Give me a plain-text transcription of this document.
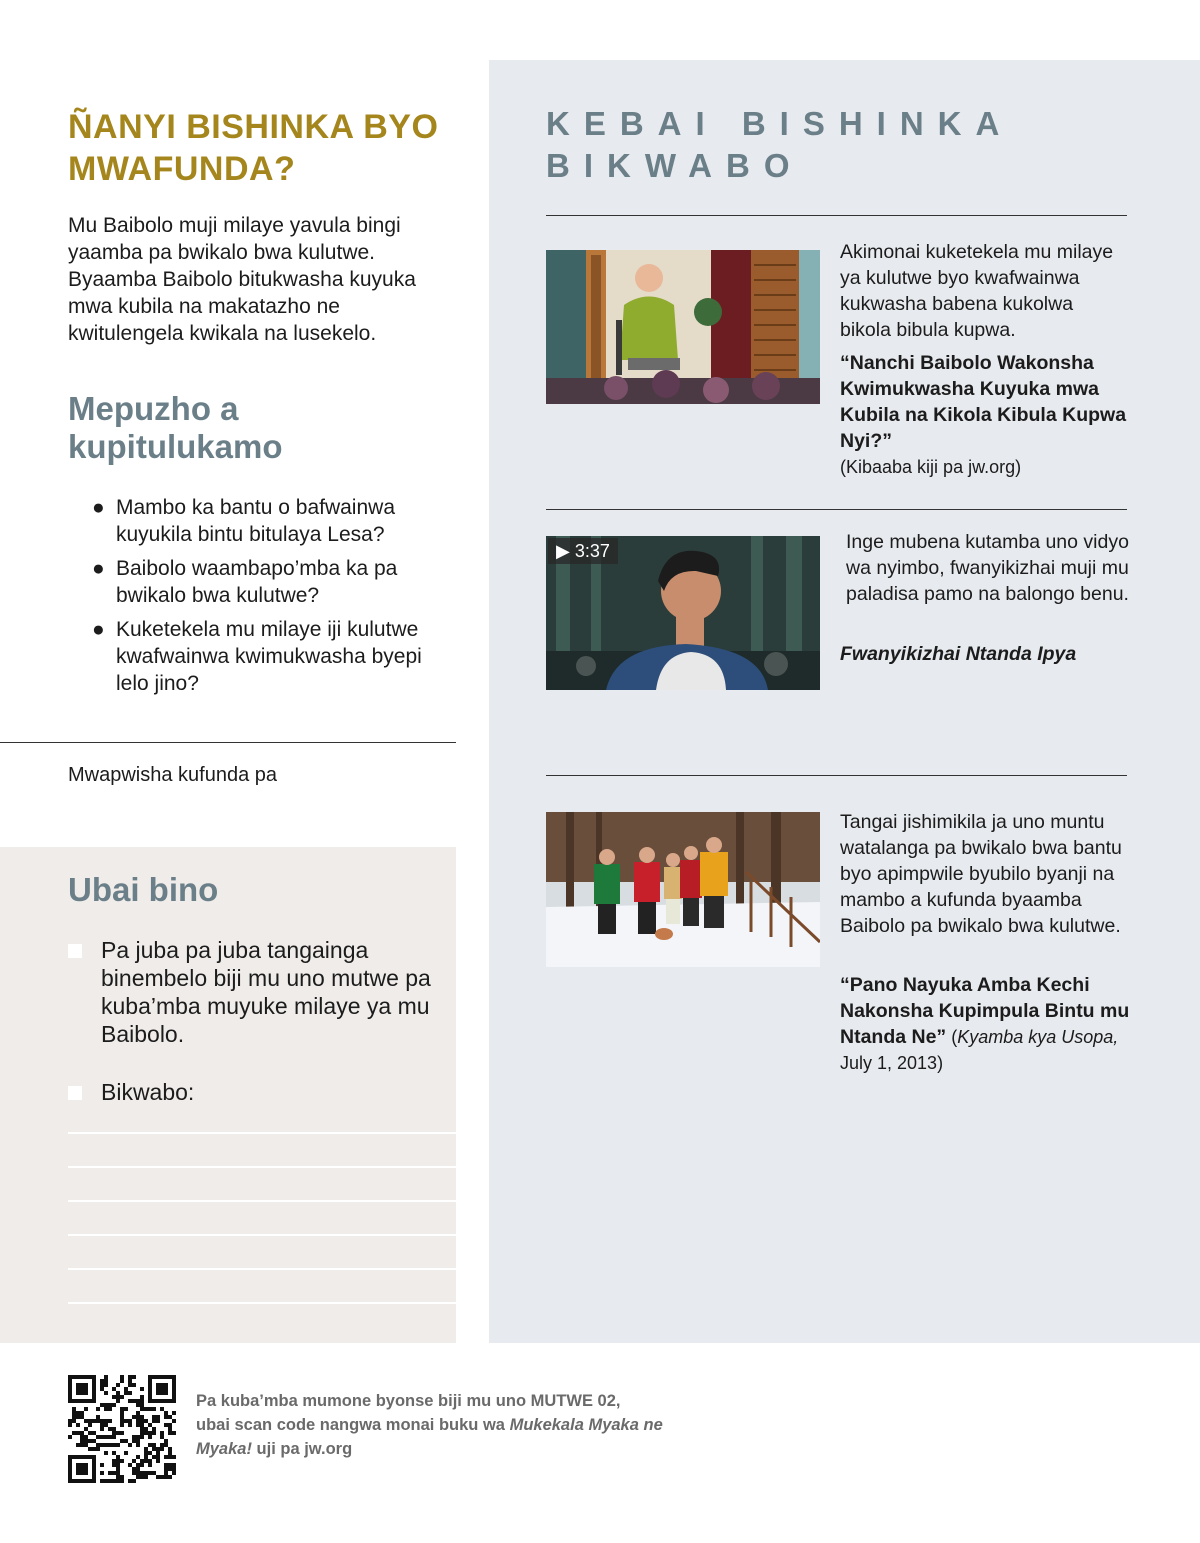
ÑANYI BISHINKA BYO MWAFUNDA?

Mu Baibolo muji milaye yavula bingi yaamba pa bwikalo bwa kulutwe. Byaamba Baibolo bitukwasha kuyuka mwa kubila na makatazho ne kwitulengela kwikala na lusekelo.

Mepuzho a kupitulukamo
● Mambo ka bantu o bafwainwa kuyukila bintu bitulaya Lesa?
● Baibolo waambapo’mba ka pa bwikalo bwa kulutwe?
● Kuketekela mu milaye iji kulutwe kwafwainwa kwimukwasha byepi lelo jino?

Mwapwisha kufunda pa

Ubai bino

Pa juba pa juba tangainga binembelo biji mu uno mutwe pa kuba’mba muyuke milaye ya mu Baibolo.

Bikwabo:

KEBAI BISHINKA BIKWABO

Akimonai kuketekela mu milaye ya kulutwe byo kwafwainwa kukwasha babena kukolwa bikola bibula kupwa.

“Nanchi Baibolo Wakonsha Kwimukwasha Kuyuka mwa Kubila na Kikola Kibula Kupwa Nyi?”
(Kibaaba kiji pa jw.org)

▶ 3:37	Inge mubena kutamba uno vidyo wa nyimbo, fwanyikizhai muji mu paladisa pamo na balongo benu.

Fwanyikizhai Ntanda Ipya

Tangai jishimikila ja uno muntu watalanga pa bwikalo bwa bantu byo apimpwile byubilo byanji na mambo a kufunda byaamba Baibolo pa bwikalo bwa kulutwe.

“Pano Nayuka Amba Kechi Nakonsha Kupimpula Bintu mu Ntanda Ne” (Kyamba kya Usopa, July 1, 2013)

Pa kuba’mba mumone byonse biji mu uno MUTWE 02,
ubai scan code nangwa monai buku wa Mukekala Myaka ne Myaka! uji pa jw.org
